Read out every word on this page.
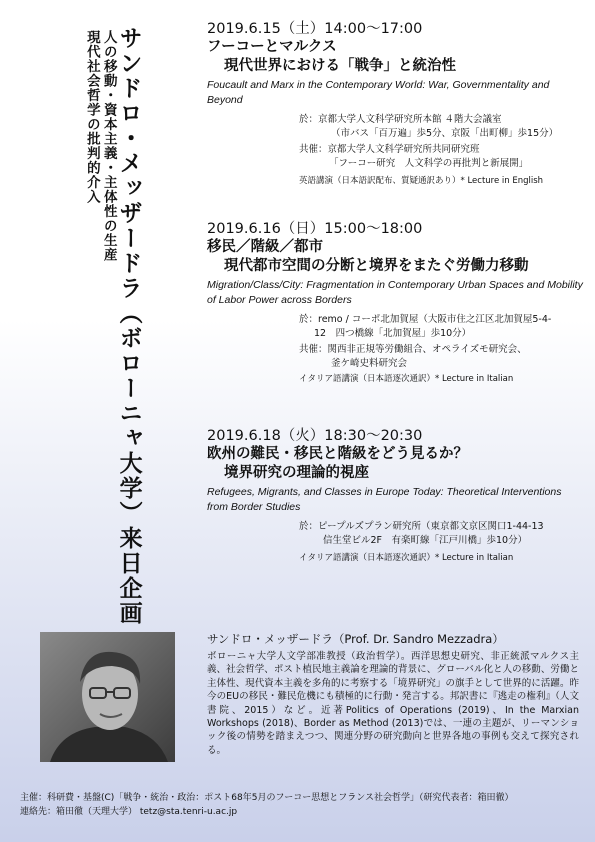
サンドロ・メッザードラ（ボローニャ大学）来日企画
人の移動・資本主義・主体性の生産
現代社会哲学の批判的介入
2019.6.15（土）14:00〜17:00
フーコーとマルクス
現代世界における「戦争」と統治性
Foucault and Marx in the Contemporary World: War, Governmentality and Beyond
於：京都大学人文科学研究所本館 ４階大会議室
（市バス「百万遍」歩5分、京阪「出町柳」歩15分）
共催：京都大学人文科学研究所共同研究班
「フーコー研究　人文科学の再批判と新展開」
英語講演（日本語訳配布、質疑通訳あり）* Lecture in English
2019.6.16（日）15:00〜18:00
移民／階級／都市
現代都市空間の分断と境界をまたぐ労働力移動
Migration/Class/City: Fragmentation in Contemporary Urban Spaces and Mobility of Labor Power across Borders
於：remo / コーポ北加賀屋（大阪市住之江区北加賀屋5-4-
12　四つ橋線「北加賀屋」歩10分）
共催：関西非正規等労働組合、オペライズモ研究会、
釜ケ崎史料研究会
イタリア語講演（日本語逐次通訳）* Lecture in Italian
2019.6.18（火）18:30〜20:30
欧州の難民・移民と階級をどう見るか？
境界研究の理論的視座
Refugees, Migrants, and Classes in Europe Today: Theoretical Interventions from Border Studies
於：ピープルズプラン研究所（東京都文京区関口1-44-13
信生堂ビル2F　有楽町線「江戸川橋」歩10分）
イタリア語講演（日本語逐次通訳）* Lecture in Italian
サンドロ・メッザードラ（Prof. Dr. Sandro Mezzadra）
ボローニャ大学人文学部准教授（政治哲学）。西洋思想史研究、非正統派マルクス主義、社会哲学、ポスト植民地主義論を理論的背景に、グローバル化と人の移動、労働と主体性、現代資本主義を多角的に考察する「境界研究」の旗手として世界的に活躍。昨今のEUの移民・難民危機にも積極的に行動・発言する。邦訳書に『逃走の権利』（人文書院、2015）など。近著Politics of Operations (2019)、In the Marxian Workshops (2018)、Border as Method (2013)では、一連の主題が、リーマンショック後の情勢を踏まえつつ、関連分野の研究動向と世界各地の事例も交えて探究される。
主催：科研費・基盤(C)「戦争・統治・政治：ポスト68年5月のフーコー思想とフランス社会哲学」（研究代表者：箱田徹）
連絡先：箱田徹（天理大学） tetz@sta.tenri-u.ac.jp
